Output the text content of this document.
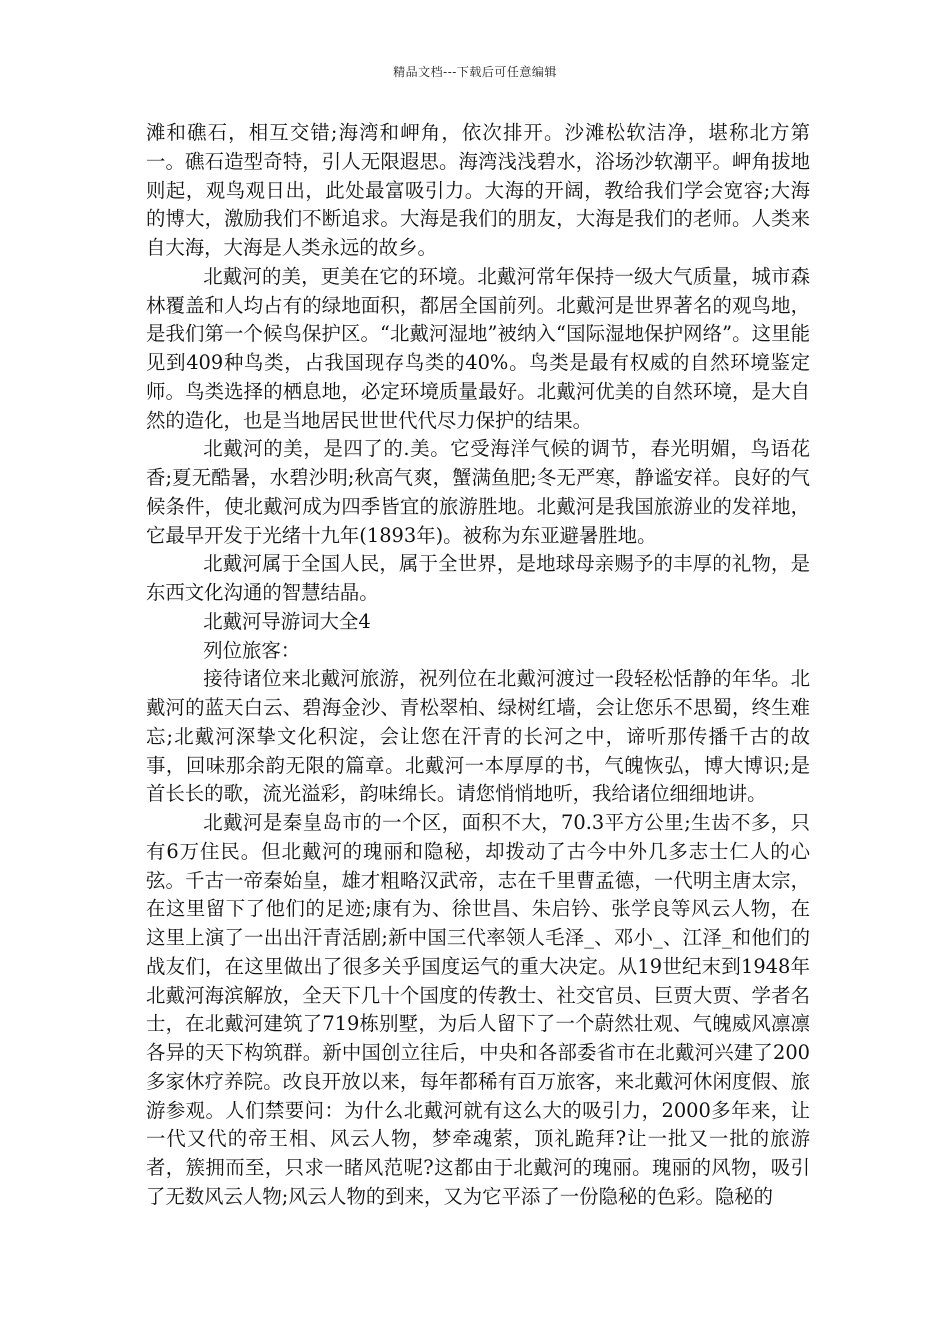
精品文档---下载后可任意编辑

滩和礁石，相互交错;海湾和岬角，依次排开。沙滩松软洁净，堪称北方第一。礁石造型奇特，引人无限遐思。海湾浅浅碧水，浴场沙软潮平。岬角拔地则起，观鸟观日出，此处最富吸引力。大海的开阔，教给我们学会宽容;大海的博大，激励我们不断追求。大海是我们的朋友，大海是我们的老师。人类来自大海，大海是人类永远的故乡。

北戴河的美，更美在它的环境。北戴河常年保持一级大气质量，城市森林覆盖和人均占有的绿地面积，都居全国前列。北戴河是世界著名的观鸟地，是我们第一个候鸟保护区。“北戴河湿地”被纳入“国际湿地保护网络”。这里能见到409种鸟类，占我国现存鸟类的40%。鸟类是最有权威的自然环境鉴定师。鸟类选择的栖息地，必定环境质量最好。北戴河优美的自然环境，是大自然的造化，也是当地居民世世代代尽力保护的结果。

北戴河的美，是四了的.美。它受海洋气候的调节，春光明媚，鸟语花香;夏无酷暑，水碧沙明;秋高气爽，蟹满鱼肥;冬无严寒，静谧安祥。良好的气候条件，使北戴河成为四季皆宜的旅游胜地。北戴河是我国旅游业的发祥地，它最早开发于光绪十九年(1893年)。被称为东亚避暑胜地。

北戴河属于全国人民，属于全世界，是地球母亲赐予的丰厚的礼物，是东西文化沟通的智慧结晶。

北戴河导游词大全4

列位旅客：

接待诸位来北戴河旅游，祝列位在北戴河渡过一段轻松恬静的年华。北戴河的蓝天白云、碧海金沙、青松翠柏、绿树红墙，会让您乐不思蜀，终生难忘;北戴河深挚文化积淀，会让您在汗青的长河之中，谛听那传播千古的故事，回味那余韵无限的篇章。北戴河一本厚厚的书，气魄恢弘，博大博识;是首长长的歌，流光溢彩，韵味绵长。请您悄悄地听，我给诸位细细地讲。

北戴河是秦皇岛市的一个区，面积不大，70.3平方公里;生齿不多，只有6万住民。但北戴河的瑰丽和隐秘，却拨动了古今中外几多志士仁人的心弦。千古一帝秦始皇，雄才粗略汉武帝，志在千里曹孟德，一代明主唐太宗，在这里留下了他们的足迹;康有为、徐世昌、朱启钤、张学良等风云人物，在这里上演了一出出汗青活剧;新中国三代率领人毛泽_、邓小_、江泽_和他们的战友们，在这里做出了很多关乎国度运气的重大决定。从19世纪末到1948年北戴河海滨解放，全天下几十个国度的传教士、社交官员、巨贾大贾、学者名士，在北戴河建筑了719栋别墅，为后人留下了一个蔚然壮观、气魄威风凛凛各异的天下构筑群。新中国创立往后，中央和各部委省市在北戴河兴建了200多家休疗养院。改良开放以来，每年都稀有百万旅客，来北戴河休闲度假、旅游参观。人们禁要问：为什么北戴河就有这么大的吸引力，2000多年来，让一代又代的帝王相、风云人物，梦牵魂萦，顶礼跪拜?让一批又一批的旅游者，簇拥而至，只求一睹风范呢?这都由于北戴河的瑰丽。瑰丽的风物，吸引了无数风云人物;风云人物的到来，又为它平添了一份隐秘的色彩。隐秘的
